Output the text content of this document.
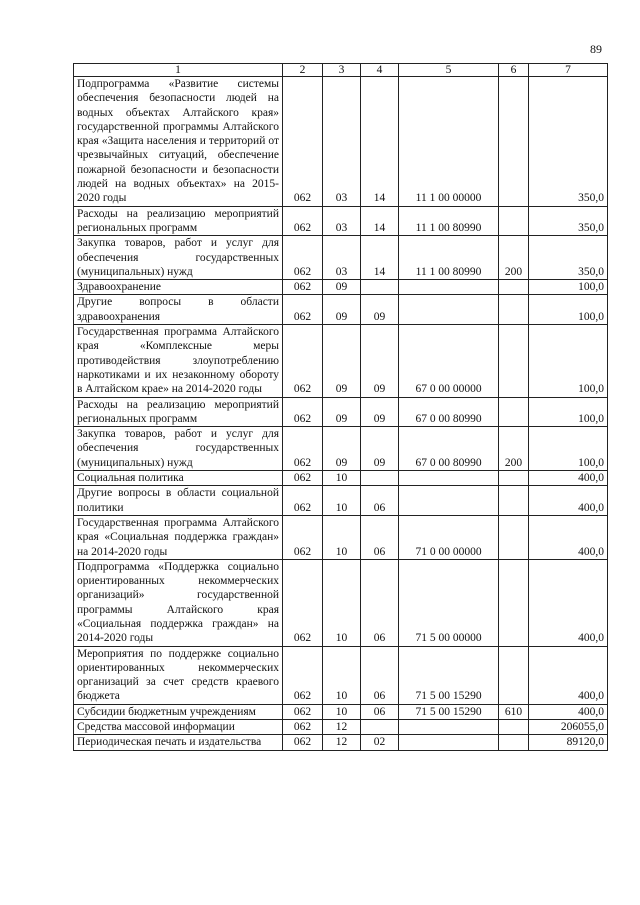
89
1	2	3	4	5	6	7
Подпрограмма «Развитие системы обеспечения безопасности людей на водных объектах Алтайского края» государственной программы Алтайского края «Защита населения и территорий от чрезвычайных ситуаций, обеспечение пожарной безопасности и безопасности людей на водных объектах» на 2015-2020 годы	062	03	14	11 1 00 00000		350,0
Расходы на реализацию мероприятий региональных программ	062	03	14	11 1 00 80990		350,0
Закупка товаров, работ и услуг для обеспечения государственных (муниципальных) нужд	062	03	14	11 1 00 80990	200	350,0
Здравоохранение	062	09				100,0
Другие вопросы в области здравоохранения	062	09	09			100,0
Государственная программа Алтайского края «Комплексные меры противодействия злоупотреблению наркотиками и их незаконному обороту в Алтайском крае» на 2014-2020 годы	062	09	09	67 0 00 00000		100,0
Расходы на реализацию мероприятий региональных программ	062	09	09	67 0 00 80990		100,0
Закупка товаров, работ и услуг для обеспечения государственных (муниципальных) нужд	062	09	09	67 0 00 80990	200	100,0
Социальная политика	062	10				400,0
Другие вопросы в области социальной политики	062	10	06			400,0
Государственная программа Алтайского края «Социальная поддержка граждан» на 2014-2020 годы	062	10	06	71 0 00 00000		400,0
Подпрограмма «Поддержка социально ориентированных некоммерческих организаций» государственной программы Алтайского края «Социальная поддержка граждан» на 2014-2020 годы	062	10	06	71 5 00 00000		400,0
Мероприятия по поддержке социально ориентированных некоммерческих организаций за счет средств краевого бюджета	062	10	06	71 5 00 15290		400,0
Субсидии бюджетным учреждениям	062	10	06	71 5 00 15290	610	400,0
Средства массовой информации	062	12				206055,0
Периодическая печать и издательства	062	12	02			89120,0
